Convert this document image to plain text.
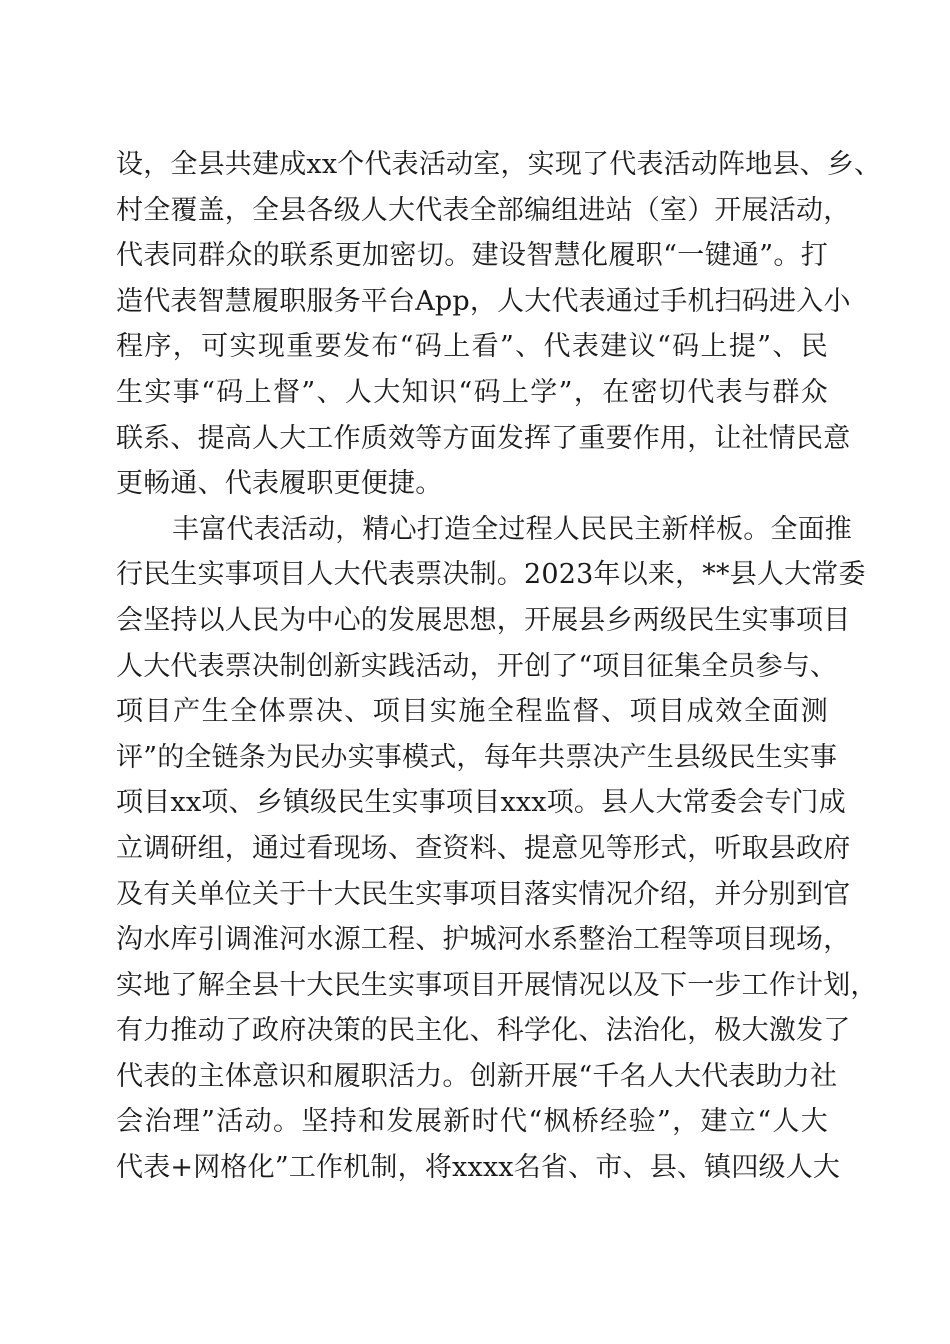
设，全县共建成xx个代表活动室，实现了代表活动阵地县、乡、
村全覆盖，全县各级人大代表全部编组进站（室）开展活动，
代表同群众的联系更加密切。建设智慧化履职“一键通”。打
造代表智慧履职服务平台App，人大代表通过手机扫码进入小
程序，可实现重要发布“码上看”、代表建议“码上提”、民
生实事“码上督”、人大知识“码上学”，在密切代表与群众
联系、提高人大工作质效等方面发挥了重要作用，让社情民意
更畅通、代表履职更便捷。
丰富代表活动，精心打造全过程人民民主新样板。全面推
行民生实事项目人大代表票决制。2023年以来，**县人大常委
会坚持以人民为中心的发展思想，开展县乡两级民生实事项目
人大代表票决制创新实践活动，开创了“项目征集全员参与、
项目产生全体票决、项目实施全程监督、项目成效全面测
评”的全链条为民办实事模式，每年共票决产生县级民生实事
项目xx项、乡镇级民生实事项目xxx项。县人大常委会专门成
立调研组，通过看现场、查资料、提意见等形式，听取县政府
及有关单位关于十大民生实事项目落实情况介绍，并分别到官
沟水库引调淮河水源工程、护城河水系整治工程等项目现场，
实地了解全县十大民生实事项目开展情况以及下一步工作计划，
有力推动了政府决策的民主化、科学化、法治化，极大激发了
代表的主体意识和履职活力。创新开展“千名人大代表助力社
会治理”活动。坚持和发展新时代“枫桥经验”，建立“人大
代表+网格化”工作机制，将xxxx名省、市、县、镇四级人大
